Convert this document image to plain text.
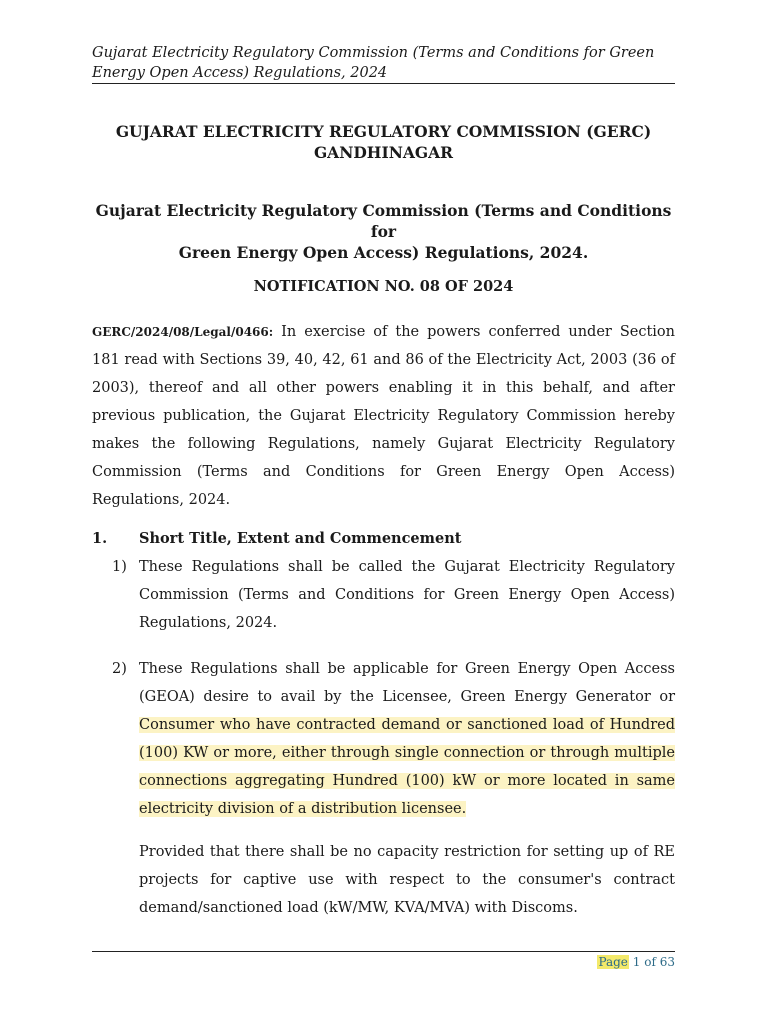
Gujarat Electricity Regulatory Commission (Terms and Conditions for Green Energy Open Access) Regulations, 2024
GUJARAT ELECTRICITY REGULATORY COMMISSION (GERC)
GANDHINAGAR
Gujarat Electricity Regulatory Commission (Terms and Conditions for
Green Energy Open Access) Regulations, 2024.
NOTIFICATION NO. 08 OF 2024
GERC/2024/08/Legal/0466: In exercise of the powers conferred under Section 181 read with Sections 39, 40, 42, 61 and 86 of the Electricity Act, 2003 (36 of 2003), thereof and all other powers enabling it in this behalf, and after previous publication, the Gujarat Electricity Regulatory Commission hereby makes the following Regulations, namely Gujarat Electricity Regulatory Commission (Terms and Conditions for Green Energy Open Access) Regulations, 2024.
1. Short Title, Extent and Commencement
1) These Regulations shall be called the Gujarat Electricity Regulatory Commission (Terms and Conditions for Green Energy Open Access) Regulations, 2024.
2) These Regulations shall be applicable for Green Energy Open Access (GEOA) desire to avail by the Licensee, Green Energy Generator or Consumer who have contracted demand or sanctioned load of Hundred (100) KW or more, either through single connection or through multiple connections aggregating Hundred (100) kW or more located in same electricity division of a distribution licensee.
Provided that there shall be no capacity restriction for setting up of RE projects for captive use with respect to the consumer's contract demand/sanctioned load (kW/MW, KVA/MVA) with Discoms.
Page 1 of 63
